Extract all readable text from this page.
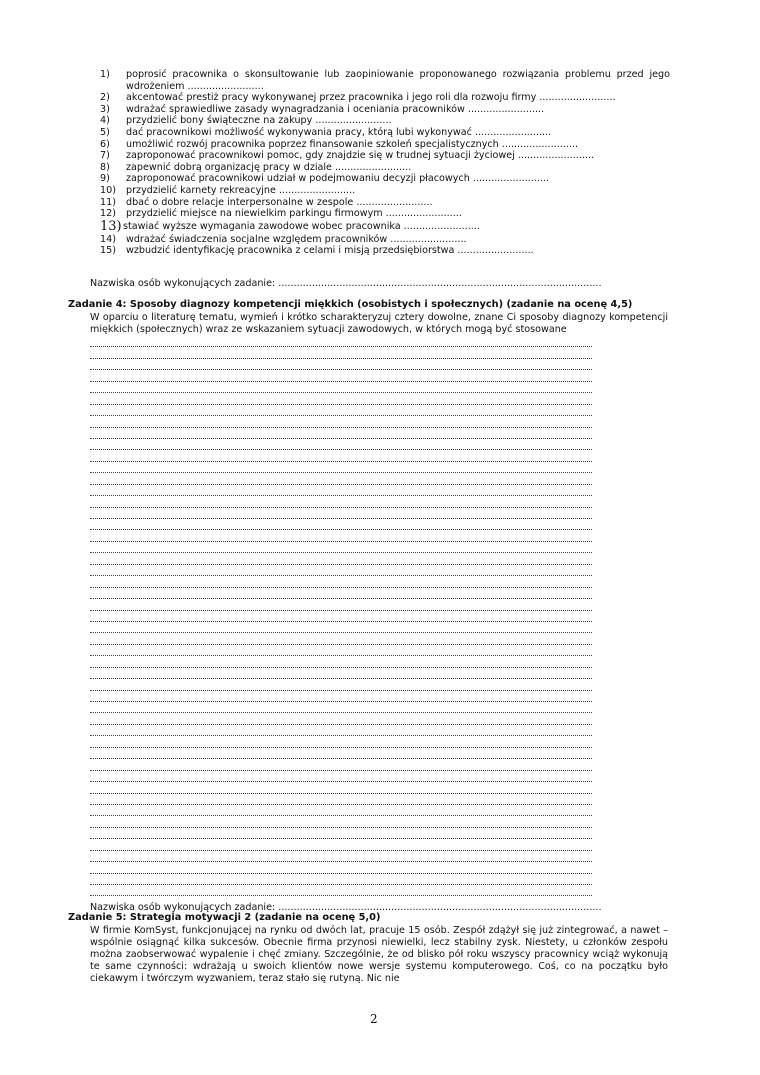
1)	poprosić pracownika o skonsultowanie lub zaopiniowanie proponowanego rozwiązania problemu przed jego wdrożeniem .........................
2)	akcentować prestiż pracy wykonywanej przez pracownika i jego roli dla rozwoju firmy .........................
3)	wdrażać sprawiedliwe zasady wynagradzania i oceniania pracowników .........................
4)	przydzielić bony świąteczne na zakupy .........................
5)	dać pracownikowi możliwość wykonywania pracy, którą lubi wykonywać .........................
6)	umożliwić rozwój pracownika poprzez finansowanie szkoleń specjalistycznych .........................
7)	zaproponować pracownikowi pomoc, gdy znajdzie się w trudnej sytuacji życiowej .........................
8)	zapewnić dobrą organizację pracy w dziale .........................
9)	zaproponować pracownikowi udział w podejmowaniu decyzji płacowych .........................
10)	przydzielić karnety rekreacyjne .........................
11)	dbać o dobre relacje interpersonalne w zespole .........................
12)	przydzielić miejsce na niewielkim parkingu firmowym .........................
13) stawiać wyższe wymagania zawodowe wobec pracownika .........................
14)	wdrażać świadczenia socjalne względem pracowników .........................
15)	wzbudzić identyfikację pracownika z celami i misją przedsiębiorstwa .........................
Nazwiska osób wykonujących zadanie: ..........................................................................................................
Zadanie 4: Sposoby diagnozy kompetencji miękkich (osobistych i społecznych) (zadanie na ocenę 4,5)
W oparciu o literaturę tematu, wymień i krótko scharakteryzuj cztery dowolne, znane Ci sposoby diagnozy kompetencji miękkich (społecznych) wraz ze wskazaniem sytuacji zawodowych, w których mogą być stosowane
Nazwiska osób wykonujących zadanie: ..........................................................................................................
Zadanie 5: Strategia motywacji 2 (zadanie na ocenę 5,0)
W firmie KomSyst, funkcjonującej na rynku od dwóch lat, pracuje 15 osób. Zespół zdążył się już zintegrować, a nawet – wspólnie osiągnąć kilka sukcesów. Obecnie firma przynosi niewielki, lecz stabilny zysk. Niestety, u członków zespołu można zaobserwować wypalenie i chęć zmiany. Szczególnie, że od blisko pół roku wszyscy pracownicy wciąż wykonują te same czynności: wdrażają u swoich klientów nowe wersje systemu komputerowego. Coś, co na początku było ciekawym i twórczym wyzwaniem, teraz stało się rutyną. Nic nie
2
